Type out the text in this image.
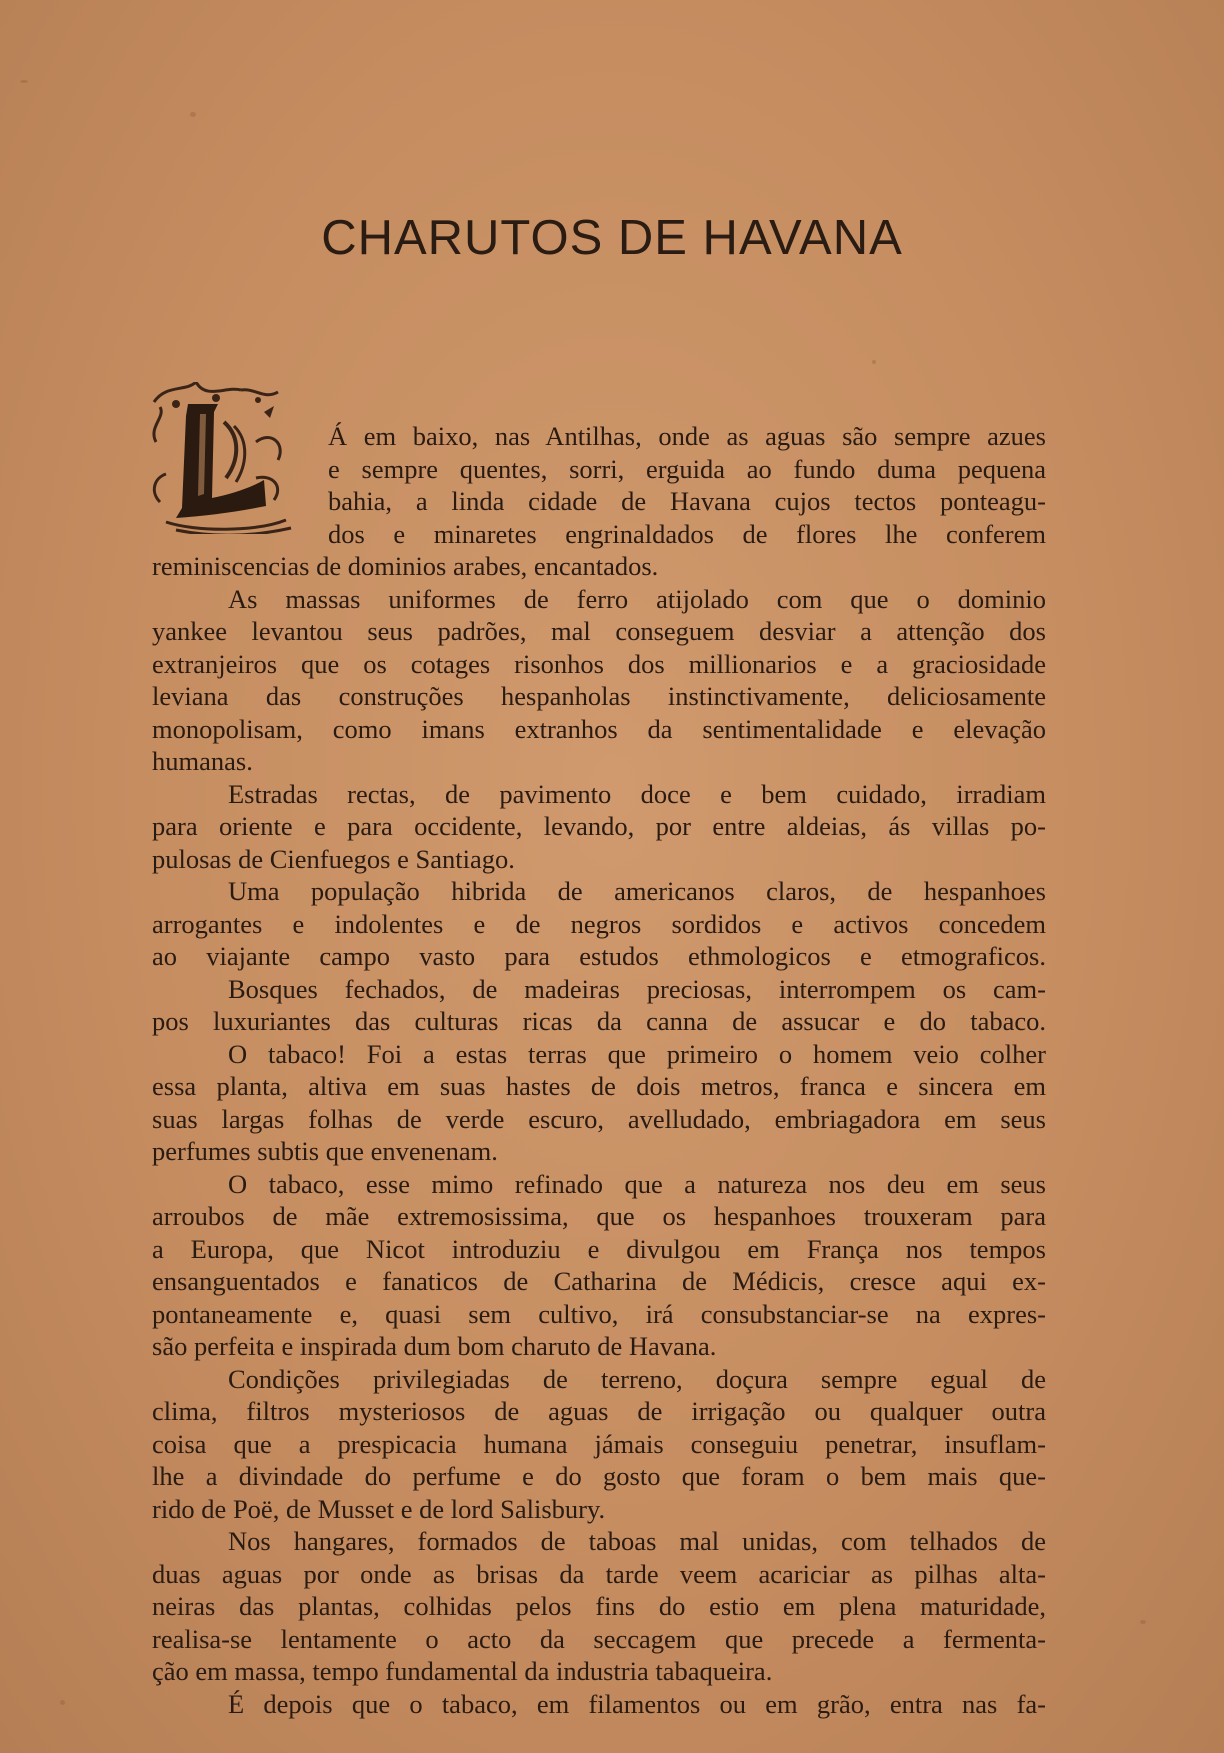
CHARUTOS DE HAVANA
Á em baixo, nas Antilhas, onde as aguas são sempre azues
e sempre quentes, sorri, erguida ao fundo duma pequena
bahia, a linda cidade de Havana cujos tectos ponteagu-
dos e minaretes engrinaldados de flores lhe conferem
reminiscencias de dominios arabes, encantados.
As massas uniformes de ferro atijolado com que o dominio
yankee levantou seus padrões, mal conseguem desviar a attenção dos
extranjeiros que os cotages risonhos dos millionarios e a graciosidade
leviana das construções hespanholas instinctivamente, deliciosamente
monopolisam, como imans extranhos da sentimentalidade e elevação
humanas.
Estradas rectas, de pavimento doce e bem cuidado, irradiam
para oriente e para occidente, levando, por entre aldeias, ás villas po-
pulosas de Cienfuegos e Santiago.
Uma população hibrida de americanos claros, de hespanhoes
arrogantes e indolentes e de negros sordidos e activos concedem
ao viajante campo vasto para estudos ethmologicos e etmograficos.
Bosques fechados, de madeiras preciosas, interrompem os cam-
pos luxuriantes das culturas ricas da canna de assucar e do tabaco.
O tabaco! Foi a estas terras que primeiro o homem veio colher
essa planta, altiva em suas hastes de dois metros, franca e sincera em
suas largas folhas de verde escuro, avelludado, embriagadora em seus
perfumes subtis que envenenam.
O tabaco, esse mimo refinado que a natureza nos deu em seus
arroubos de mãe extremosissima, que os hespanhoes trouxeram para
a Europa, que Nicot introduziu e divulgou em França nos tempos
ensanguentados e fanaticos de Catharina de Médicis, cresce aqui ex-
pontaneamente e, quasi sem cultivo, irá consubstanciar-se na expres-
são perfeita e inspirada dum bom charuto de Havana.
Condições privilegiadas de terreno, doçura sempre egual de
clima, filtros mysteriosos de aguas de irrigação ou qualquer outra
coisa que a prespicacia humana jámais conseguiu penetrar, insuflam-
lhe a divindade do perfume e do gosto que foram o bem mais que-
rido de Poë, de Musset e de lord Salisbury.
Nos hangares, formados de taboas mal unidas, com telhados de
duas aguas por onde as brisas da tarde veem acariciar as pilhas alta-
neiras das plantas, colhidas pelos fins do estio em plena maturidade,
realisa-se lentamente o acto da seccagem que precede a fermenta-
ção em massa, tempo fundamental da industria tabaqueira.
É depois que o tabaco, em filamentos ou em grão, entra nas fa-
